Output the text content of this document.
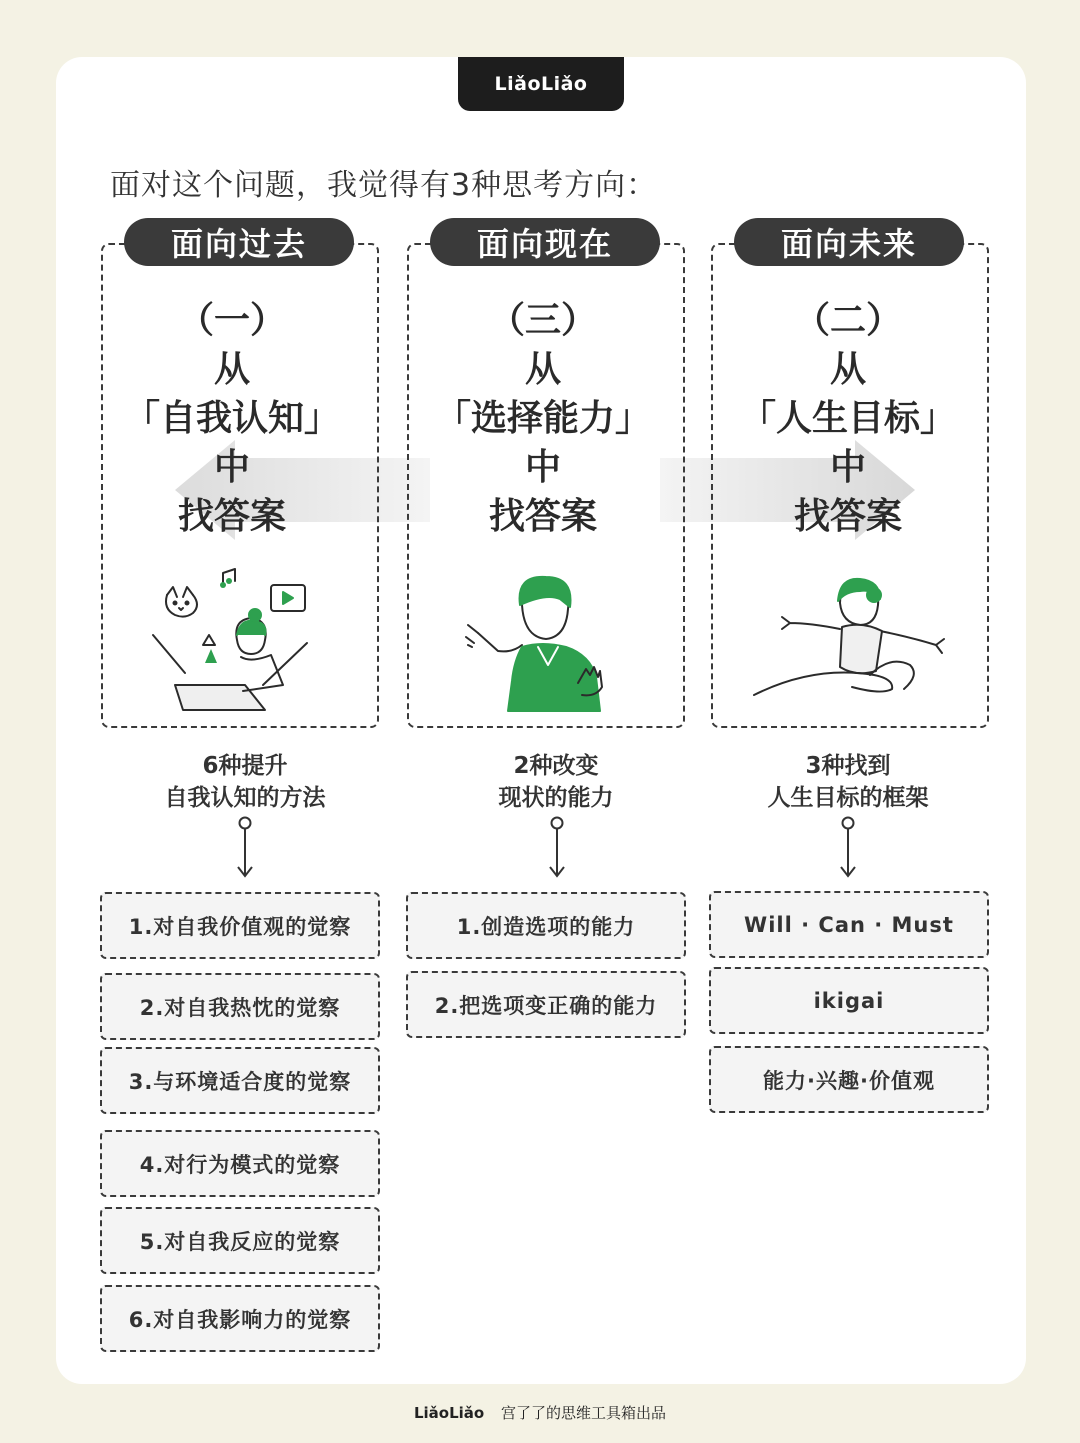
LiǎoLiǎo
面对这个问题，我觉得有3种思考方向：
面向过去
（一）
从
「自我认知」
中
找答案
6种提升
自我认知的方法
1.对自我价值观的觉察
2.对自我热忱的觉察
3.与环境适合度的觉察
4.对行为模式的觉察
5.对自我反应的觉察
6.对自我影响力的觉察
面向现在
（三）
从
「选择能力」
中
找答案
2种改变
现状的能力
1.创造选项的能力
2.把选项变正确的能力
面向未来
（二）
从
「人生目标」
中
找答案
3种找到
人生目标的框架
Will · Can · Must
ikigai
能力·兴趣·价值观
LiǎoLiǎo 宫了了的思维工具箱出品
